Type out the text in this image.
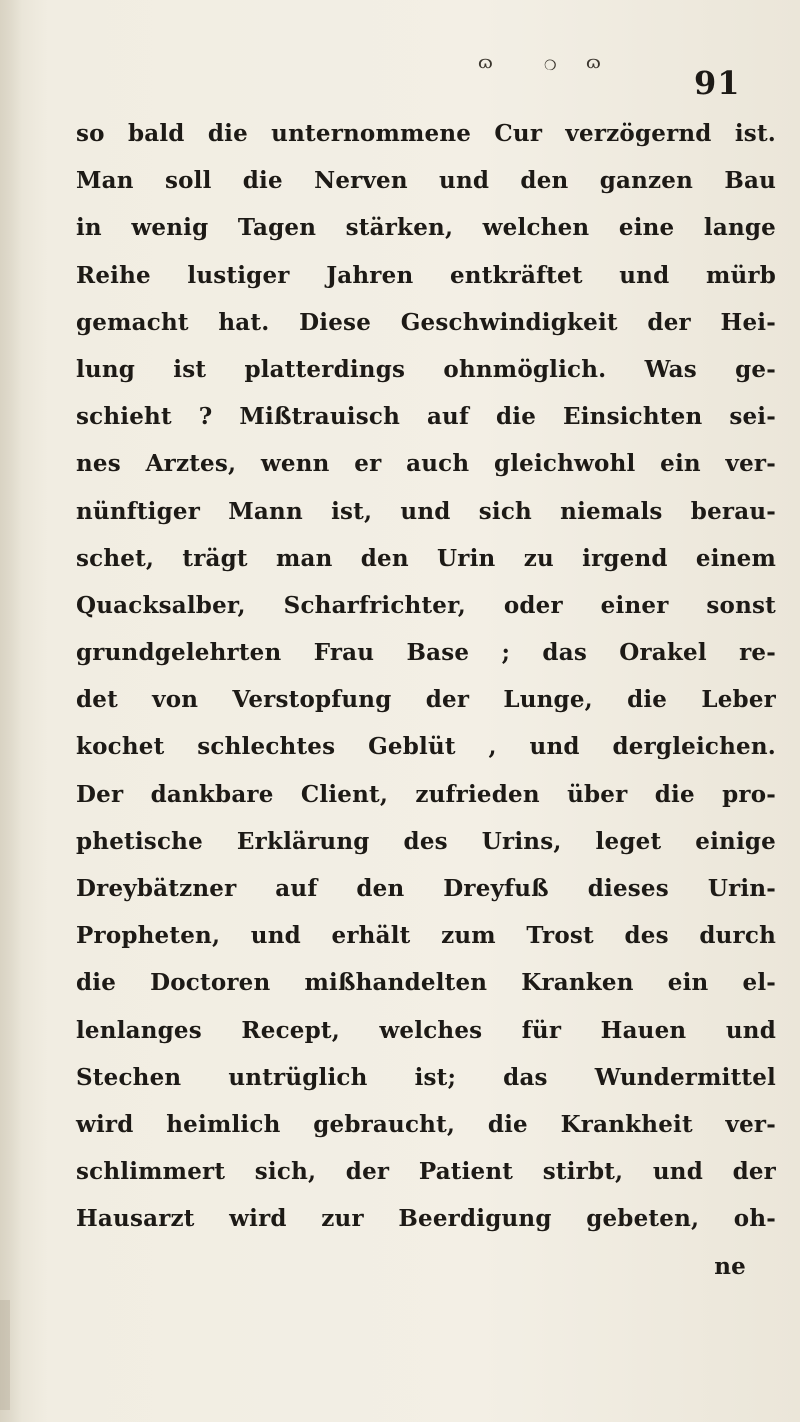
ɷ	❍ ɷ
91
so bald die unternommene Cur verzögernd ist.
Man soll die Nerven und den ganzen Bau
in wenig Tagen stärken, welchen eine lange
Reihe lustiger Jahren entkräftet und mürb
gemacht hat. Diese Geschwindigkeit der Hei-
lung ist platterdings ohnmöglich. Was ge-
schieht ? Mißtrauisch auf die Einsichten sei-
nes Arztes, wenn er auch gleichwohl ein ver-
nünftiger Mann ist, und sich niemals berau-
schet, trägt man den Urin zu irgend einem
Quacksalber, Scharfrichter, oder einer sonst
grundgelehrten Frau Base ; das Orakel re-
det von Verstopfung der Lunge, die Leber
kochet schlechtes Geblüt , und dergleichen.
Der dankbare Client, zufrieden über die pro-
phetische Erklärung des Urins, leget einige
Dreybätzner auf den Dreyfuß dieses Urin-
Propheten, und erhält zum Trost des durch
die Doctoren mißhandelten Kranken ein el-
lenlanges Recept, welches für Hauen und
Stechen untrüglich ist; das Wundermittel
wird heimlich gebraucht, die Krankheit ver-
schlimmert sich, der Patient stirbt, und der
Hausarzt wird zur Beerdigung gebeten, oh-
ne
